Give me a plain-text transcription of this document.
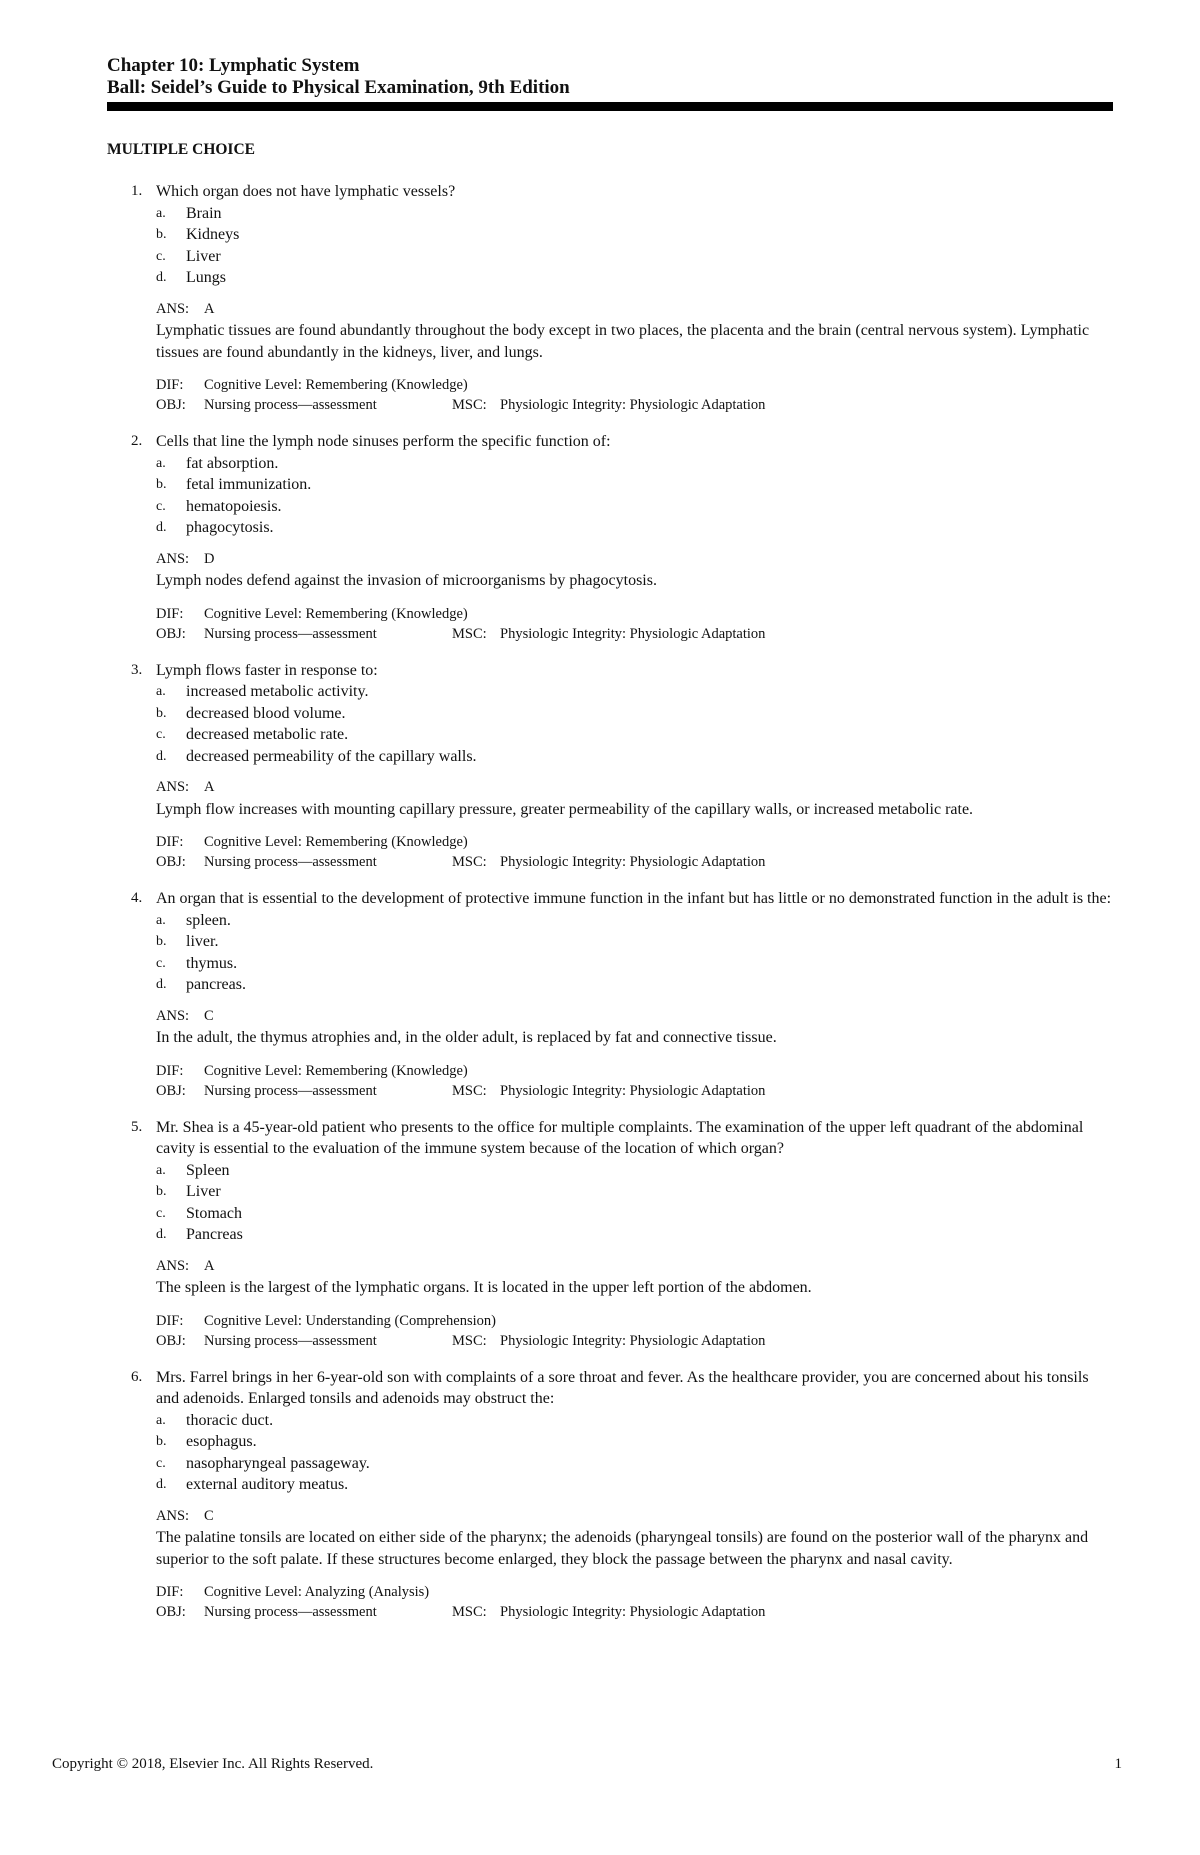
Chapter 10: Lymphatic System
Ball: Seidel’s Guide to Physical Examination, 9th Edition
MULTIPLE CHOICE
1. Which organ does not have lymphatic vessels?
a. Brain
b. Kidneys
c. Liver
d. Lungs
ANS: A
Lymphatic tissues are found abundantly throughout the body except in two places, the placenta and the brain (central nervous system). Lymphatic tissues are found abundantly in the kidneys, liver, and lungs.
DIF:	Cognitive Level: Remembering (Knowledge)
OBJ:	Nursing process—assessment	MSC: Physiologic Integrity: Physiologic Adaptation
2. Cells that line the lymph node sinuses perform the specific function of:
a. fat absorption.
b. fetal immunization.
c. hematopoiesis.
d. phagocytosis.
ANS: D
Lymph nodes defend against the invasion of microorganisms by phagocytosis.
DIF:	Cognitive Level: Remembering (Knowledge)
OBJ:	Nursing process—assessment	MSC: Physiologic Integrity: Physiologic Adaptation
3. Lymph flows faster in response to:
a. increased metabolic activity.
b. decreased blood volume.
c. decreased metabolic rate.
d. decreased permeability of the capillary walls.
ANS: A
Lymph flow increases with mounting capillary pressure, greater permeability of the capillary walls, or increased metabolic rate.
DIF:	Cognitive Level: Remembering (Knowledge)
OBJ:	Nursing process—assessment	MSC: Physiologic Integrity: Physiologic Adaptation
4. An organ that is essential to the development of protective immune function in the infant but has little or no demonstrated function in the adult is the:
a. spleen.
b. liver.
c. thymus.
d. pancreas.
ANS: C
In the adult, the thymus atrophies and, in the older adult, is replaced by fat and connective tissue.
DIF:	Cognitive Level: Remembering (Knowledge)
OBJ:	Nursing process—assessment	MSC: Physiologic Integrity: Physiologic Adaptation
5. Mr. Shea is a 45-year-old patient who presents to the office for multiple complaints. The examination of the upper left quadrant of the abdominal cavity is essential to the evaluation of the immune system because of the location of which organ?
a. Spleen
b. Liver
c. Stomach
d. Pancreas
ANS: A
The spleen is the largest of the lymphatic organs. It is located in the upper left portion of the abdomen.
DIF:	Cognitive Level: Understanding (Comprehension)
OBJ:	Nursing process—assessment	MSC: Physiologic Integrity: Physiologic Adaptation
6. Mrs. Farrel brings in her 6-year-old son with complaints of a sore throat and fever. As the healthcare provider, you are concerned about his tonsils and adenoids. Enlarged tonsils and adenoids may obstruct the:
a. thoracic duct.
b. esophagus.
c. nasopharyngeal passageway.
d. external auditory meatus.
ANS: C
The palatine tonsils are located on either side of the pharynx; the adenoids (pharyngeal tonsils) are found on the posterior wall of the pharynx and superior to the soft palate. If these structures become enlarged, they block the passage between the pharynx and nasal cavity.
DIF:	Cognitive Level: Analyzing (Analysis)
OBJ:	Nursing process—assessment	MSC: Physiologic Integrity: Physiologic Adaptation
Copyright © 2018, Elsevier Inc. All Rights Reserved.	1
